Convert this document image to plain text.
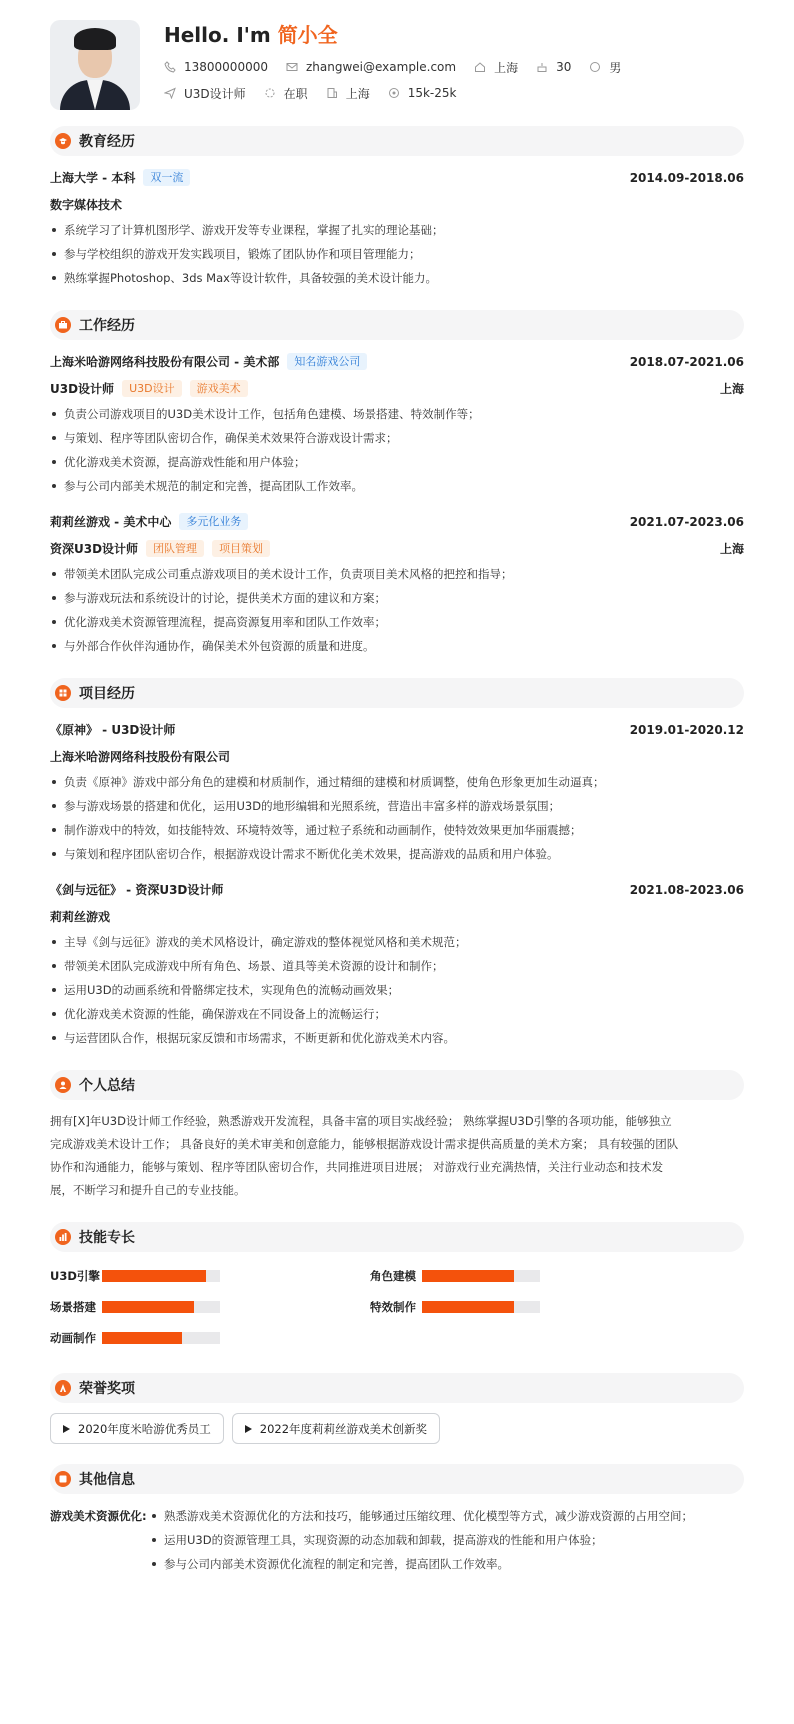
Hello. I'm 简小全
13800000000	zhangwei@example.com	上海	30	男
U3D设计师	在职	上海	15k-25k
教育经历
上海大学 - 本科	双一流	2014.09-2018.06
数字媒体技术
系统学习了计算机图形学、游戏开发等专业课程，掌握了扎实的理论基础；
参与学校组织的游戏开发实践项目，锻炼了团队协作和项目管理能力；
熟练掌握Photoshop、3ds Max等设计软件，具备较强的美术设计能力。
工作经历
上海米哈游网络科技股份有限公司 - 美术部	知名游戏公司	2018.07-2021.06
U3D设计师	U3D设计	游戏美术	上海
负责公司游戏项目的U3D美术设计工作，包括角色建模、场景搭建、特效制作等；
与策划、程序等团队密切合作，确保美术效果符合游戏设计需求；
优化游戏美术资源，提高游戏性能和用户体验；
参与公司内部美术规范的制定和完善，提高团队工作效率。
莉莉丝游戏 - 美术中心	多元化业务	2021.07-2023.06
资深U3D设计师	团队管理	项目策划	上海
带领美术团队完成公司重点游戏项目的美术设计工作，负责项目美术风格的把控和指导；
参与游戏玩法和系统设计的讨论，提供美术方面的建议和方案；
优化游戏美术资源管理流程，提高资源复用率和团队工作效率；
与外部合作伙伴沟通协作，确保美术外包资源的质量和进度。
项目经历
《原神》 - U3D设计师	2019.01-2020.12
上海米哈游网络科技股份有限公司
负责《原神》游戏中部分角色的建模和材质制作，通过精细的建模和材质调整，使角色形象更加生动逼真；
参与游戏场景的搭建和优化，运用U3D的地形编辑和光照系统，营造出丰富多样的游戏场景氛围；
制作游戏中的特效，如技能特效、环境特效等，通过粒子系统和动画制作，使特效效果更加华丽震撼；
与策划和程序团队密切合作，根据游戏设计需求不断优化美术效果，提高游戏的品质和用户体验。
《剑与远征》 - 资深U3D设计师	2021.08-2023.06
莉莉丝游戏
主导《剑与远征》游戏的美术风格设计，确定游戏的整体视觉风格和美术规范；
带领美术团队完成游戏中所有角色、场景、道具等美术资源的设计和制作；
运用U3D的动画系统和骨骼绑定技术，实现角色的流畅动画效果；
优化游戏美术资源的性能，确保游戏在不同设备上的流畅运行；
与运营团队合作，根据玩家反馈和市场需求，不断更新和优化游戏美术内容。
个人总结

拥有[X]年U3D设计师工作经验，熟悉游戏开发流程，具备丰富的项目实战经验； 熟练掌握U3D引擎的各项功能，能够独立完成游戏美术设计工作； 具备良好的美术审美和创意能力，能够根据游戏设计需求提供高质量的美术方案； 具有较强的团队协作和沟通能力，能够与策划、程序等团队密切合作，共同推进项目进展； 对游戏行业充满热情，关注行业动态和技术发展，不断学习和提升自己的专业技能。

技能专长
U3D引擎	角色建模
场景搭建	特效制作
动画制作
荣誉奖项
2020年度米哈游优秀员工	2022年度莉莉丝游戏美术创新奖
其他信息
游戏美术资源优化:	熟悉游戏美术资源优化的方法和技巧，能够通过压缩纹理、优化模型等方式，减少游戏资源的占用空间；
运用U3D的资源管理工具，实现资源的动态加载和卸载，提高游戏的性能和用户体验；
参与公司内部美术资源优化流程的制定和完善，提高团队工作效率。
